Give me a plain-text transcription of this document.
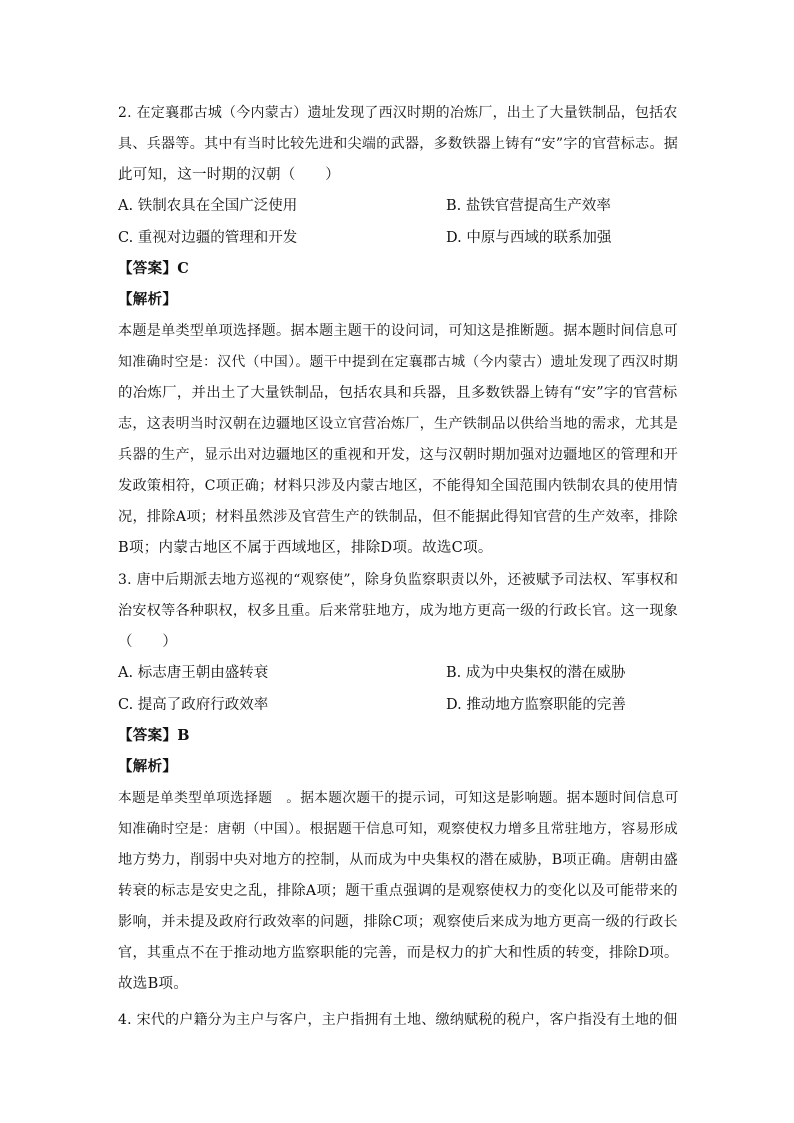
2. 在定襄郡古城（今内蒙古）遗址发现了西汉时期的冶炼厂，出土了大量铁制品，包括农
具、兵器等。其中有当时比较先进和尖端的武器，多数铁器上铸有“安”字的官营标志。据
此可知，这一时期的汉朝（　　）
A. 铁制农具在全国广泛使用	B. 盐铁官营提高生产效率
C. 重视对边疆的管理和开发	D. 中原与西域的联系加强
【答案】C
【解析】
本题是单类型单项选择题。据本题主题干的设问词，可知这是推断题。据本题时间信息可
知准确时空是：汉代（中国）。题干中提到在定襄郡古城（今内蒙古）遗址发现了西汉时期
的冶炼厂，并出土了大量铁制品，包括农具和兵器，且多数铁器上铸有“安”字的官营标
志，这表明当时汉朝在边疆地区设立官营冶炼厂，生产铁制品以供给当地的需求，尤其是
兵器的生产，显示出对边疆地区的重视和开发，这与汉朝时期加强对边疆地区的管理和开
发政策相符，C项正确；材料只涉及内蒙古地区，不能得知全国范围内铁制农具的使用情
况，排除A项；材料虽然涉及官营生产的铁制品，但不能据此得知官营的生产效率，排除
B项；内蒙古地区不属于西域地区，排除D项。故选C项。
3. 唐中后期派去地方巡视的“观察使”，除身负监察职责以外，还被赋予司法权、军事权和
治安权等各种职权，权多且重。后来常驻地方，成为地方更高一级的行政长官。这一现象
（　　）
A. 标志唐王朝由盛转衰	B. 成为中央集权的潜在威胁
C. 提高了政府行政效率	D. 推动地方监察职能的完善
【答案】B
【解析】
本题是单类型单项选择题　。据本题次题干的提示词，可知这是影响题。据本题时间信息可
知准确时空是：唐朝（中国）。根据题干信息可知，观察使权力增多且常驻地方，容易形成
地方势力，削弱中央对地方的控制，从而成为中央集权的潜在威胁，B项正确。唐朝由盛
转衰的标志是安史之乱，排除A项；题干重点强调的是观察使权力的变化以及可能带来的
影响，并未提及政府行政效率的问题，排除C项；观察使后来成为地方更高一级的行政长
官，其重点不在于推动地方监察职能的完善，而是权力的扩大和性质的转变，排除D项。
故选B项。
4. 宋代的户籍分为主户与客户，主户指拥有土地、缴纳赋税的税户，客户指没有土地的佃
